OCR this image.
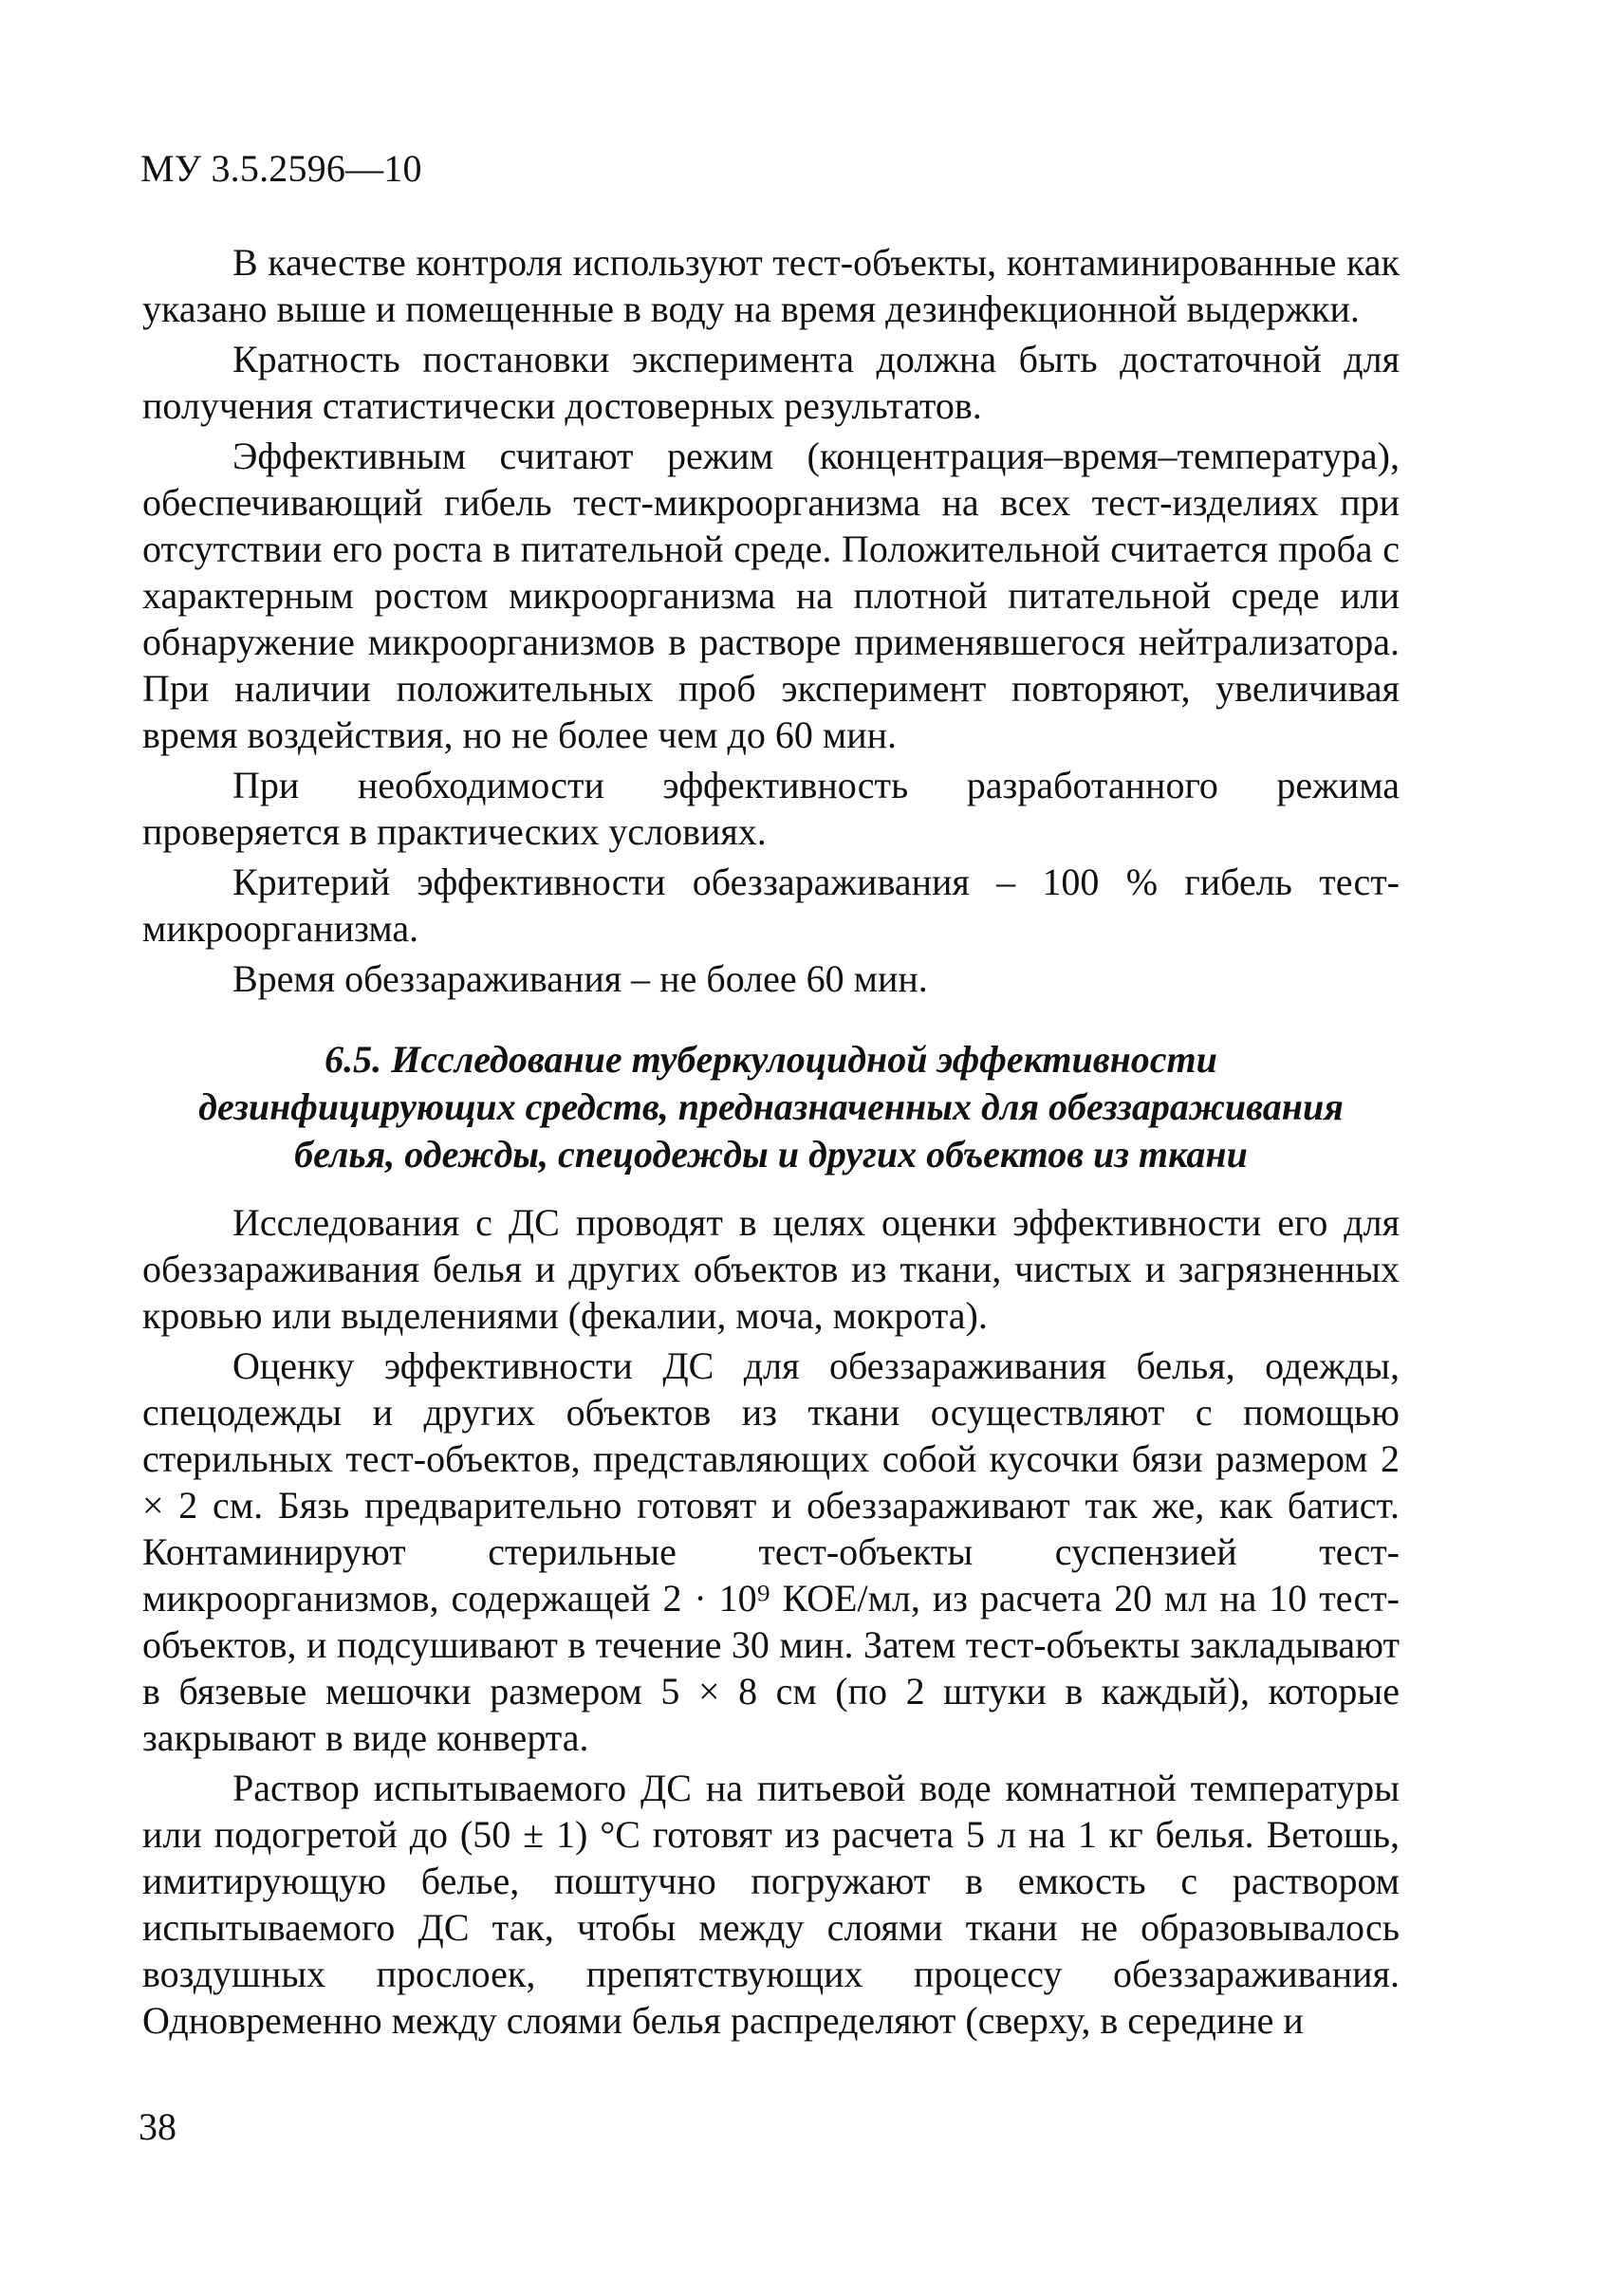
МУ 3.5.2596—10

В качестве контроля используют тест-объекты, контаминированные как указано выше и помещенные в воду на время дезинфекционной выдержки.

Кратность постановки эксперимента должна быть достаточной для получения статистически достоверных результатов.

Эффективным считают режим (концентрация–время–температура), обеспечивающий гибель тест-микроорганизма на всех тест-изделиях при отсутствии его роста в питательной среде. Положительной считается проба с характерным ростом микроорганизма на плотной питательной среде или обнаружение микроорганизмов в растворе применявшегося нейтрализатора. При наличии положительных проб эксперимент повторяют, увеличивая время воздействия, но не более чем до 60 мин.

При необходимости эффективность разработанного режима проверяется в практических условиях.

Критерий эффективности обеззараживания – 100 % гибель тест-микроорганизма.

Время обеззараживания – не более 60 мин.

6.5. Исследование туберкулоцидной эффективности
дезинфицирующих средств, предназначенных для обеззараживания
белья, одежды, спецодежды и других объектов из ткани

Исследования с ДС проводят в целях оценки эффективности его для обеззараживания белья и других объектов из ткани, чистых и загрязненных кровью или выделениями (фекалии, моча, мокрота).

Оценку эффективности ДС для обеззараживания белья, одежды, спецодежды и других объектов из ткани осуществляют с помощью стерильных тест-объектов, представляющих собой кусочки бязи размером 2 × 2 см. Бязь предварительно готовят и обеззараживают так же, как батист. Контаминируют стерильные тест-объекты суспензией тест-микроорганизмов, содержащей 2 · 10⁹ КОЕ/мл, из расчета 20 мл на 10 тест-объектов, и подсушивают в течение 30 мин. Затем тест-объекты закладывают в бязевые мешочки размером 5 × 8 см (по 2 штуки в каждый), которые закрывают в виде конверта.

Раствор испытываемого ДС на питьевой воде комнатной температуры или подогретой до (50 ± 1) °С готовят из расчета 5 л на 1 кг белья. Ветошь, имитирующую белье, поштучно погружают в емкость с раствором испытываемого ДС так, чтобы между слоями ткани не образовывалось воздушных прослоек, препятствующих процессу обеззараживания. Одновременно между слоями белья распределяют (сверху, в середине и

38
